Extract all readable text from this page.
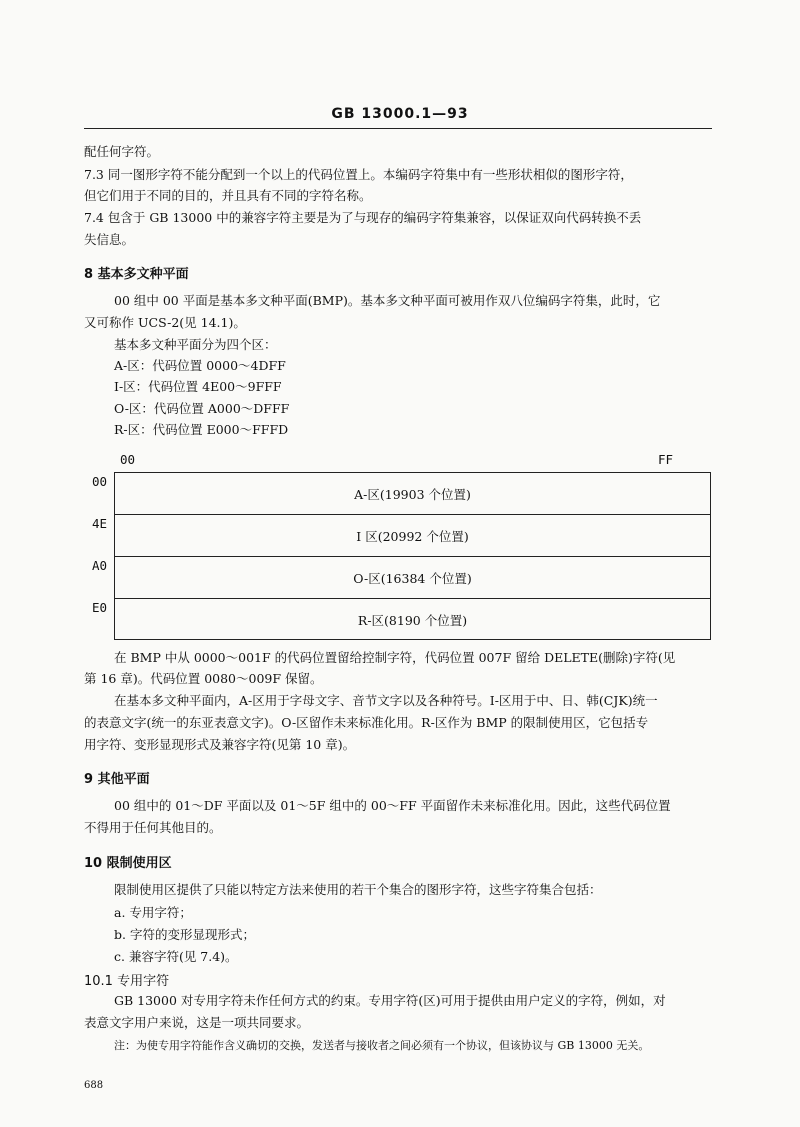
GB 13000.1—93
配任何字符。
7.3 同一图形字符不能分配到一个以上的代码位置上。本编码字符集中有一些形状相似的图形字符，
但它们用于不同的目的，并且具有不同的字符名称。
7.4 包含于 GB 13000 中的兼容字符主要是为了与现存的编码字符集兼容，以保证双向代码转换不丢
失信息。
8 基本多文种平面
00 组中 00 平面是基本多文种平面(BMP)。基本多文种平面可被用作双八位编码字符集，此时，它
又可称作 UCS-2(见 14.1)。
基本多文种平面分为四个区：
A-区：代码位置 0000～4DFF
I-区：代码位置 4E00～9FFF
O-区：代码位置 A000～DFFF
R-区：代码位置 E000～FFFD
00	FF
00
4E
A0
E0
A-区(19903 个位置)
I 区(20992 个位置)
O-区(16384 个位置)
R-区(8190 个位置)
在 BMP 中从 0000～001F 的代码位置留给控制字符，代码位置 007F 留给 DELETE(删除)字符(见
第 16 章)。代码位置 0080～009F 保留。
在基本多文种平面内，A-区用于字母文字、音节文字以及各种符号。I-区用于中、日、韩(CJK)统一
的表意文字(统一的东亚表意文字)。O-区留作未来标准化用。R-区作为 BMP 的限制使用区，它包括专
用字符、变形显现形式及兼容字符(见第 10 章)。
9 其他平面
00 组中的 01～DF 平面以及 01～5F 组中的 00～FF 平面留作未来标准化用。因此，这些代码位置
不得用于任何其他目的。
10 限制使用区
限制使用区提供了只能以特定方法来使用的若干个集合的图形字符，这些字符集合包括：
a. 专用字符；
b. 字符的变形显现形式；
c. 兼容字符(见 7.4)。
10.1 专用字符
GB 13000 对专用字符未作任何方式的约束。专用字符(区)可用于提供由用户定义的字符，例如，对
表意文字用户来说，这是一项共同要求。
注：为使专用字符能作含义确切的交换，发送者与接收者之间必须有一个协议，但该协议与 GB 13000 无关。
688
